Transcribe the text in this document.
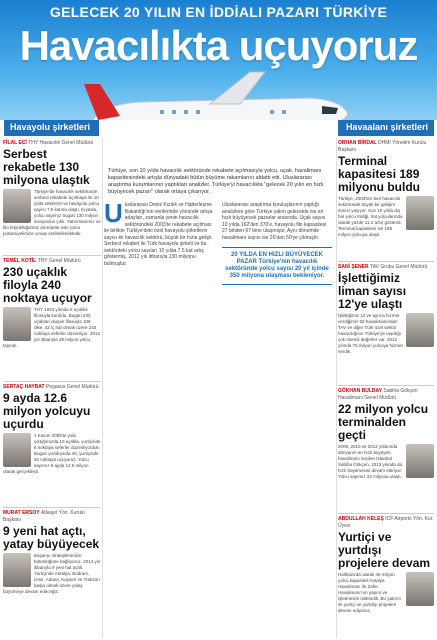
GELECEK 20 YILIN EN İDDİALI PAZARI TÜRKİYE
Havacılıkta uçuyoruz
Havayolu şirketleri	Havaalanı şirketleri
FİLAL ECİ THY Havacılık Genel Müdürü
Serbest rekabetle 130 milyona ulaştık
Türkiye'de havacılık sektöründe serbest rekabete açılmaya ile 10 yılda sektörün ve havayolu yolcu sayısı 7.5 katına ulaştı. Kıyasla, yolcu sayımız bugün 130 milyon seviyesine çıktı. Yatırımlarımız ve filo büyüklüğümüz artırılarak eski yolcu potansiyelimize cevap verilebilmektedir.
TEMEL KOTİL THY Genel Müdürü
230 uçaklık filoyla 240 noktaya uçuyor
THY 1933 yılında 5 uçaklık filosuyla kuruldu. Bugün 230 uçaktan oluşan filosuyla 108 ülke, 42 iç hat olmak üzere 240 noktaya seferler düzenliyor. 2012 yılı itibarıyla 39 milyon yolcu taşındı.
SERTAÇ HAYBAT Pegasus Genel Müdürü
9 ayda 12.6 milyon yolcuyu uçurdu
1 Kasım 2005'te yola çıktığımızda 10 uçakla, yurtiçinde 6 noktaya seferler düzenliyorduk. Bugün yurtdışında 40, yurtiçinde 32 noktaya uçuyoruz. Yolcu sayımız 9 ayda 12.6 milyon olarak gerçekleşti.
MURAT ERSOY Atlasjet Yön. Kurulu Başkanı
9 yeni hat açtı, yatay büyüyecek
Başarıyı stratejilerimizin bütünlüğüne bağlıyoruz. 2014 yılı itibarıyla 9 yeni hat açtık. Yurtiçinde Antalya, Bodrum, İzmir, Adana, Kayseri ve Trabzon başta olmak üzere yatay büyümeye devam edeceğiz.
Türkiye, son 10 yılda havacılık sektöründe rekabete açılmasıyla yolcu, uçak, havalimanı kapasitesindeki artışla dünyadaki bütün büyüme rakamlarını aldattı etti. Uluslararası araştırma kurumlarının yaptıkları analizler, Türkiye'yi havacılıkta "gelecek 20 yılın en hızlı büyüyecek pazarı" olarak ortaya çıkarıyor.
U luslararası Deniz Kızılık ve Haberleşme Bakanlığı'nın verilerinde yönünde artışa adayları, zamanla yenin havacılık sektöründeki 2003'te rekabete açılması ile birlikte Türkiye'deki özel havayolu şirketlerin sayısı ile havacılık sektörü, büyük bir hızla gelişti. Serbest rekabet ile Türk havayolu şirketi ve bu sektördeki yolcu sayıları 10 yılda 7.5 kat artış göstermiş, 2012 yılı itibarıyla 130 milyonu bulmuştur.
Uluslararası araştırma kuruluşlarının yaptığı analizlere göre Türkiye yakın gelecekte ise en hızlı büyüyecek pazarlar arasında. Uçak sayısı 10 yılda 162'den 370'e, havayolu filo kapasitesi 27 binden 67 bine ulaşmıştır. Aynı dönemde havalimanı sayısı ise 26'dan 50'ye çıkmıştır.
20 YILDA EN HIZLI BÜYÜYECEK PAZAR Türkiye'nin havacılık sektöründe yolcu sayısı 20 yıl içinde 350 milyona ulaşması bekleniyor.
ORHAN BİRDAL DHMİ Yönetim Kurulu Başkanı
Terminal kapasitesi 189 milyonu buldu
Türkiye, 2003'ten beri havacılık sektöründe büyük bir gelişim süreci yaşıyor. Son 10 yılda dış hat yolcu trafiği, hat yolcularında olarak yüzde 11.2 artış gösterdi. Terminal kapasitesi ise 189 milyon yolcuya ulaştı.
SANİ ŞENER TAV Grubu Genel Müdürü
İşlettiğimiz liman sayısı 12'ye ulaştı
İşlettiğimiz 12 ve ayrıca hizmet verdiğimiz 60 havalimanından TAV ve diğer Türk özel sektör havacılığının Türkiye'ye taşıdığı çok önemli değerler var. 2012 yılında 70 milyon yolcuya hizmet verdik.
GÖKHAN BULDAY Sabiha Gökçen Havalimanı Genel Müdürü
22 milyon yolcu terminalden geçti
2009, 2010 ve 2012 yıllarında dünyanın en hızlı büyüyen havalimanı seçilen İstanbul Sabiha Gökçen, 2013 yılında da hızlı büyümesini devam ettiriyor. Yolcu sayımız 22 milyona ulaştı.
ABDULLAH KELEŞ ICF Airports Yön. Kur. Üyesi
Yurtiçi ve yurtdışı projelere devam
Halihazırda olarak 45 milyon yolcu kapasiteli Antalya Havalimanı ile Zafer Havalimanı'nın yapım ve işletmesini üstlendik. Bu yatırım ile yurtiçi ve yurtdışı projelere devam ediyoruz.
